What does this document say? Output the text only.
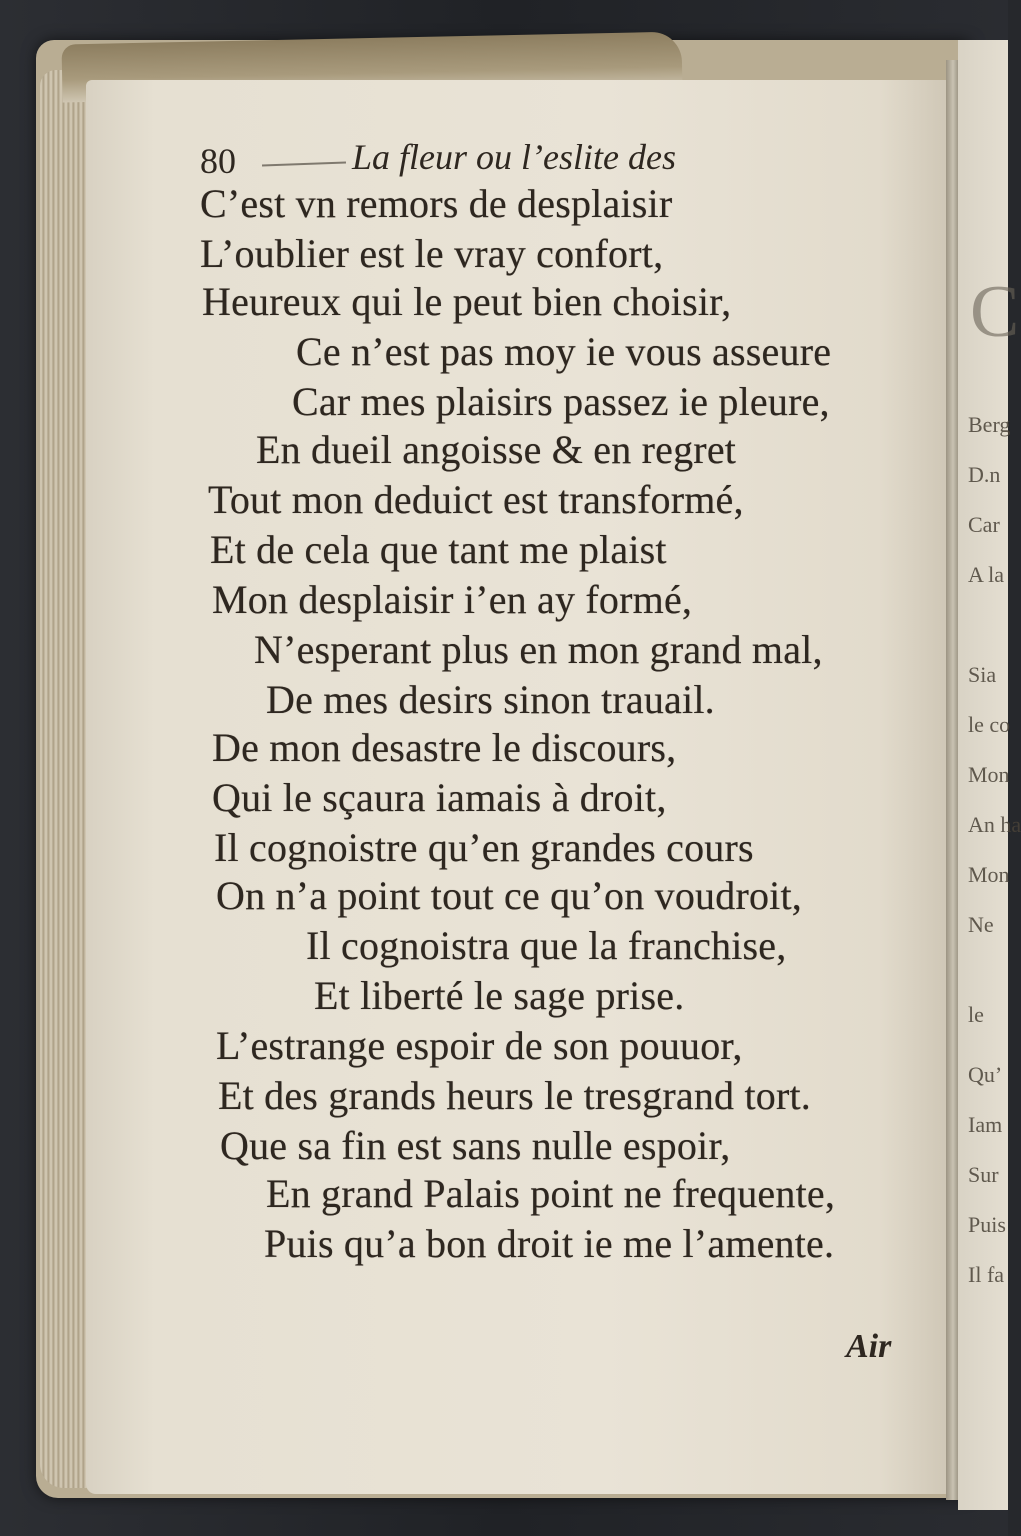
C
Berg
D.n
Car
A la
Sia
le co
Mon
An ha
Mon
Ne
le
Qu’
Iam
Sur
Puis
Il fa
80	La fleur ou l’eslite des
C’est vn remors de desplaisir
L’oublier est le vray confort,
Heureux qui le peut bien choisir,
Ce n’est pas moy ie vous asseure
Car mes plaisirs passez ie pleure,
En dueil angoisse & en regret
Tout mon deduict est transformé,
Et de cela que tant me plaist
Mon desplaisir i’en ay formé,
N’esperant plus en mon grand mal,
De mes desirs sinon trauail.
De mon desastre le discours,
Qui le sçaura iamais à droit,
Il cognoistre qu’en grandes cours
On n’a point tout ce qu’on voudroit,
Il cognoistra que la franchise,
Et liberté le sage prise.
L’estrange espoir de son pouuor,
Et des grands heurs le tresgrand tort.
Que sa fin est sans nulle espoir,
En grand Palais point ne frequente,
Puis qu’a bon droit ie me l’amente.
Air
